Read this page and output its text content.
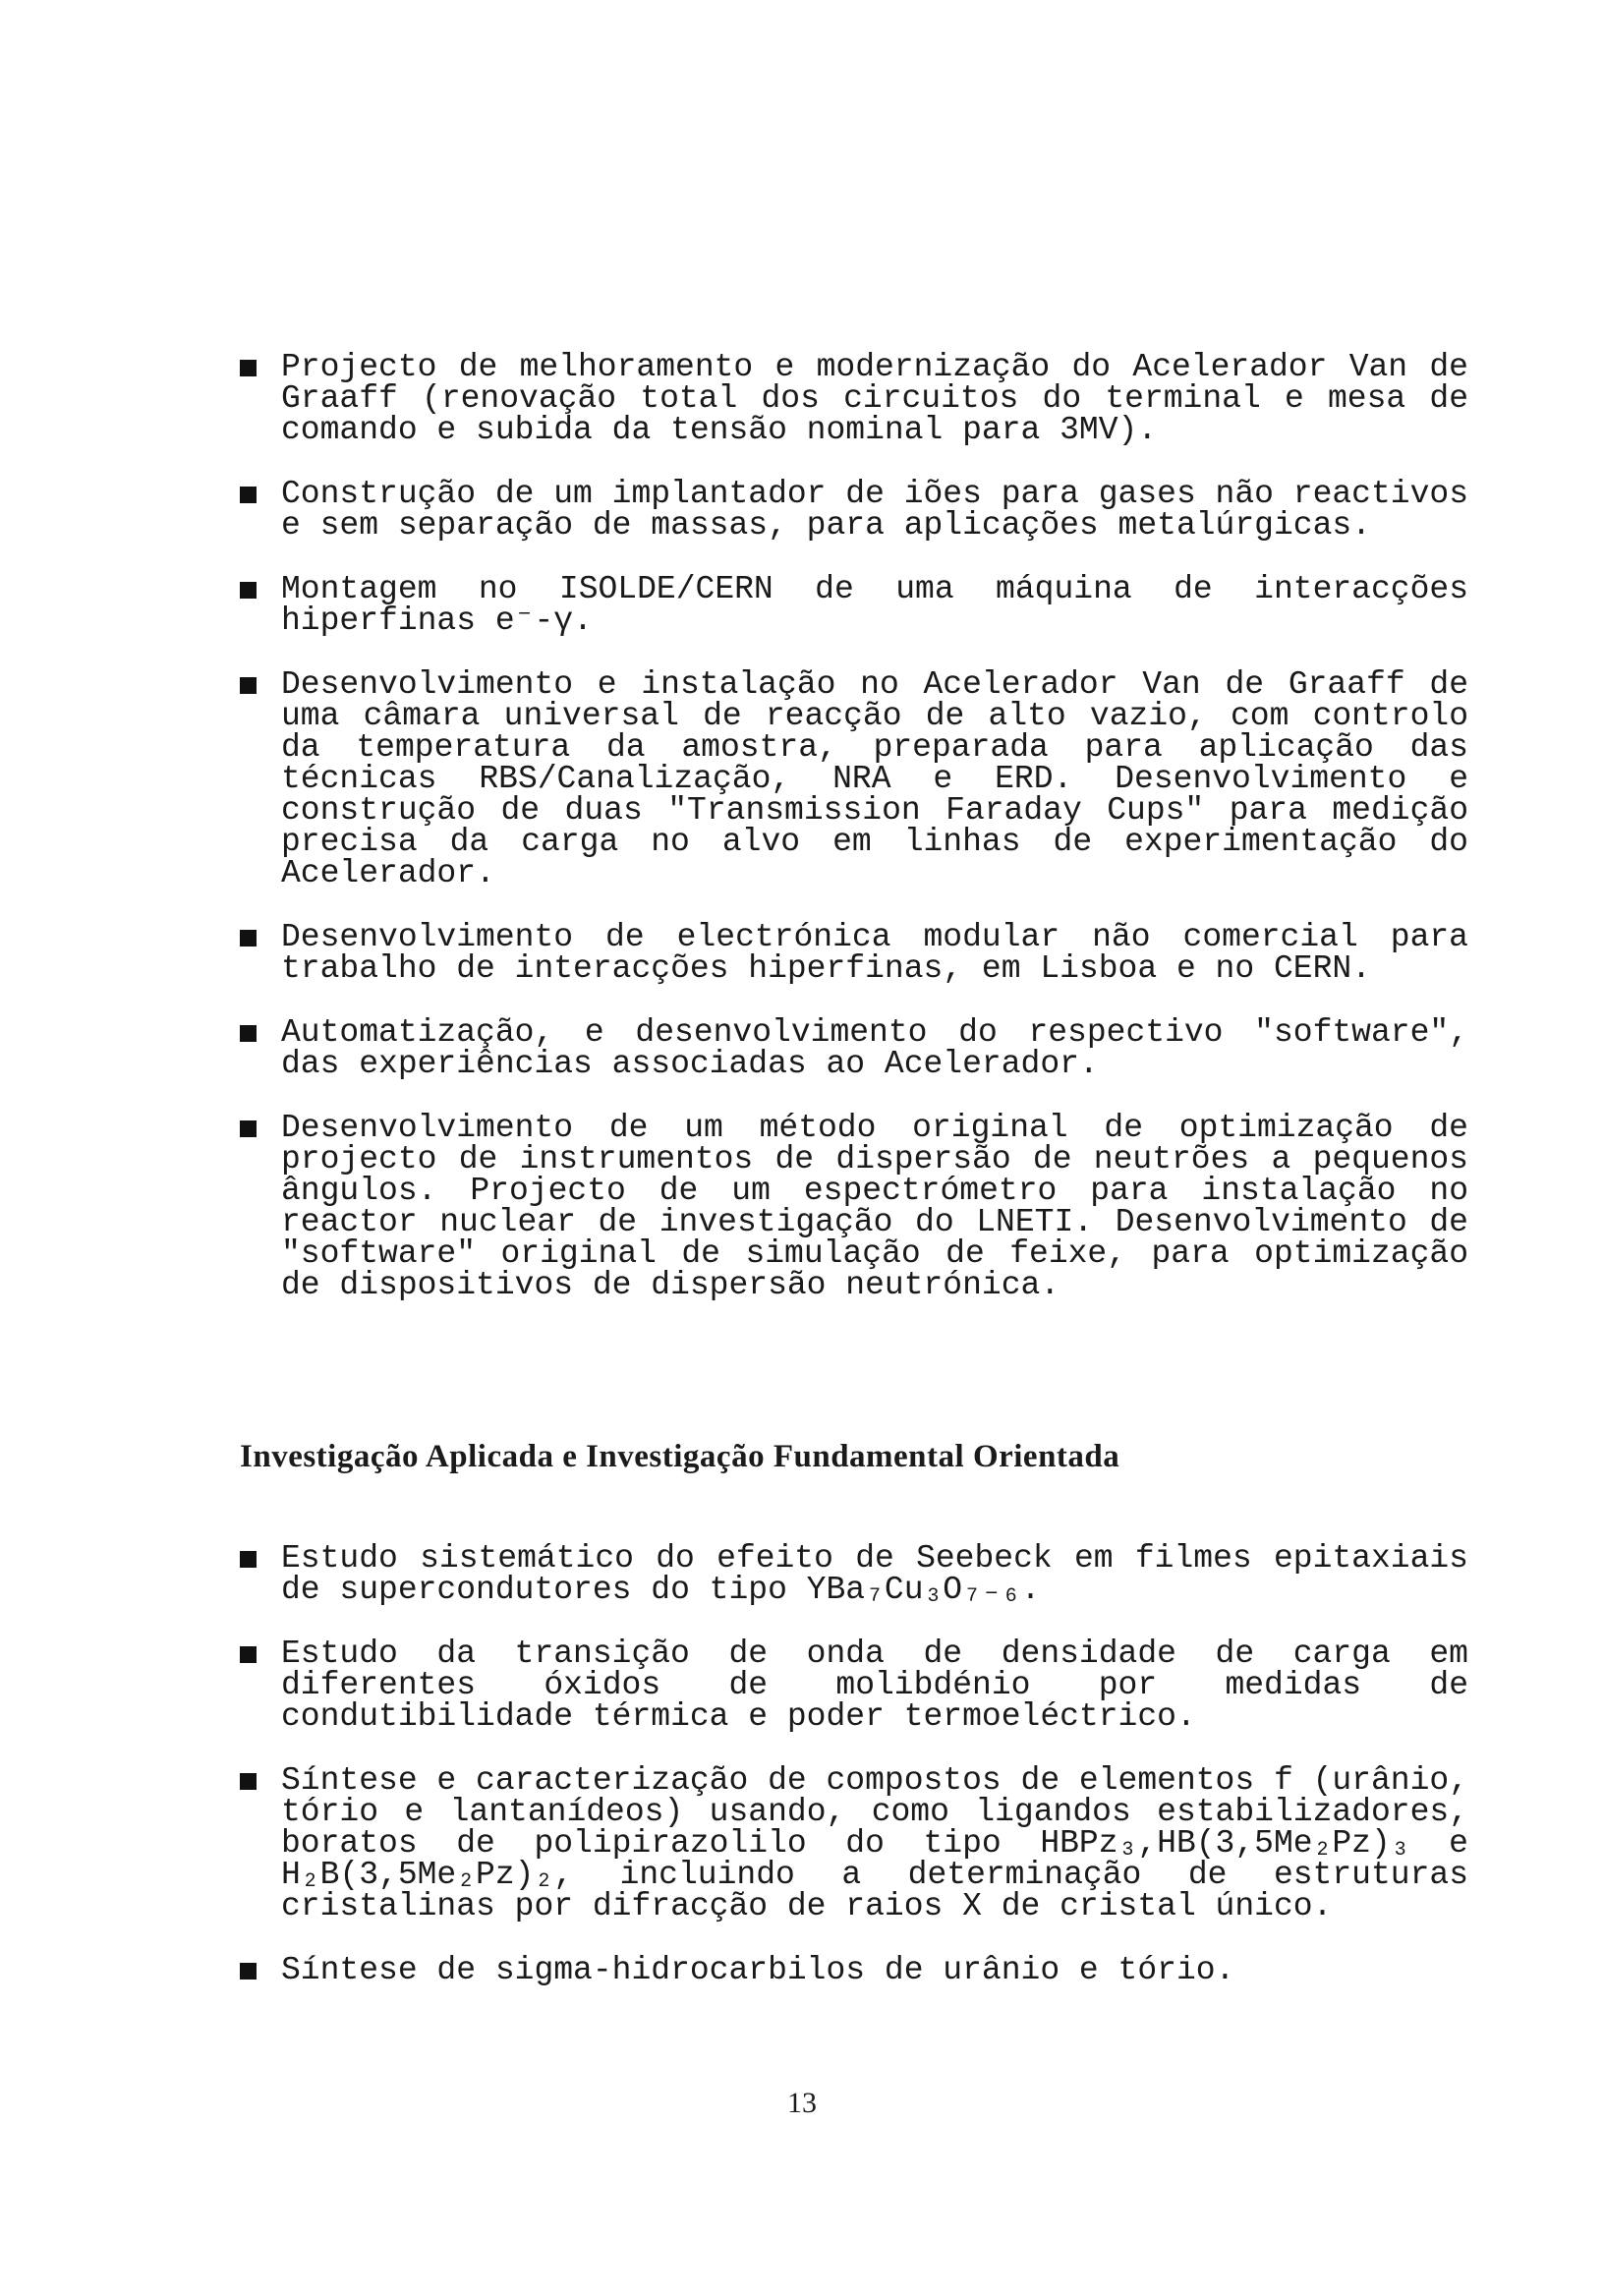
Projecto de melhoramento e modernização do Acelerador Van de Graaff (renovação total dos circuitos do terminal e mesa de comando e subida da tensão nominal para 3MV).
Construção de um implantador de iões para gases não reactivos e sem separação de massas, para aplicações metalúrgicas.
Montagem no ISOLDE/CERN de uma máquina de interacções hiperfinas e⁻-γ.
Desenvolvimento e instalação no Acelerador Van de Graaff de uma câmara universal de reacção de alto vazio, com controlo da temperatura da amostra, preparada para aplicação das técnicas RBS/Canalização, NRA e ERD. Desenvolvimento e construção de duas "Transmission Faraday Cups" para medição precisa da carga no alvo em linhas de experimentação do Acelerador.
Desenvolvimento de electrónica modular não comercial para trabalho de interacções hiperfinas, em Lisboa e no CERN.
Automatização, e desenvolvimento do respectivo "software", das experiências associadas ao Acelerador.
Desenvolvimento de um método original de optimização de projecto de instrumentos de dispersão de neutrões a pequenos ângulos. Projecto de um espectrómetro para instalação no reactor nuclear de investigação do LNETI. Desenvolvimento de "software" original de simulação de feixe, para optimização de dispositivos de dispersão neutrónica.
Investigação Aplicada e Investigação Fundamental Orientada
Estudo sistemático do efeito de Seebeck em filmes epitaxiais de supercondutores do tipo YBa₇Cu₃O₇₋₆.
Estudo da transição de onda de densidade de carga em diferentes óxidos de molibdénio por medidas de condutibilidade térmica e poder termoeléctrico.
Síntese e caracterização de compostos de elementos f (urânio, tório e lantanídeos) usando, como ligandos estabilizadores, boratos de polipirazolilo do tipo HBPz₃,HB(3,5Me₂Pz)₃ e H₂B(3,5Me₂Pz)₂, incluindo a determinação de estruturas cristalinas por difracção de raios X de cristal único.
Síntese de sigma-hidrocarbilos de urânio e tório.
13
